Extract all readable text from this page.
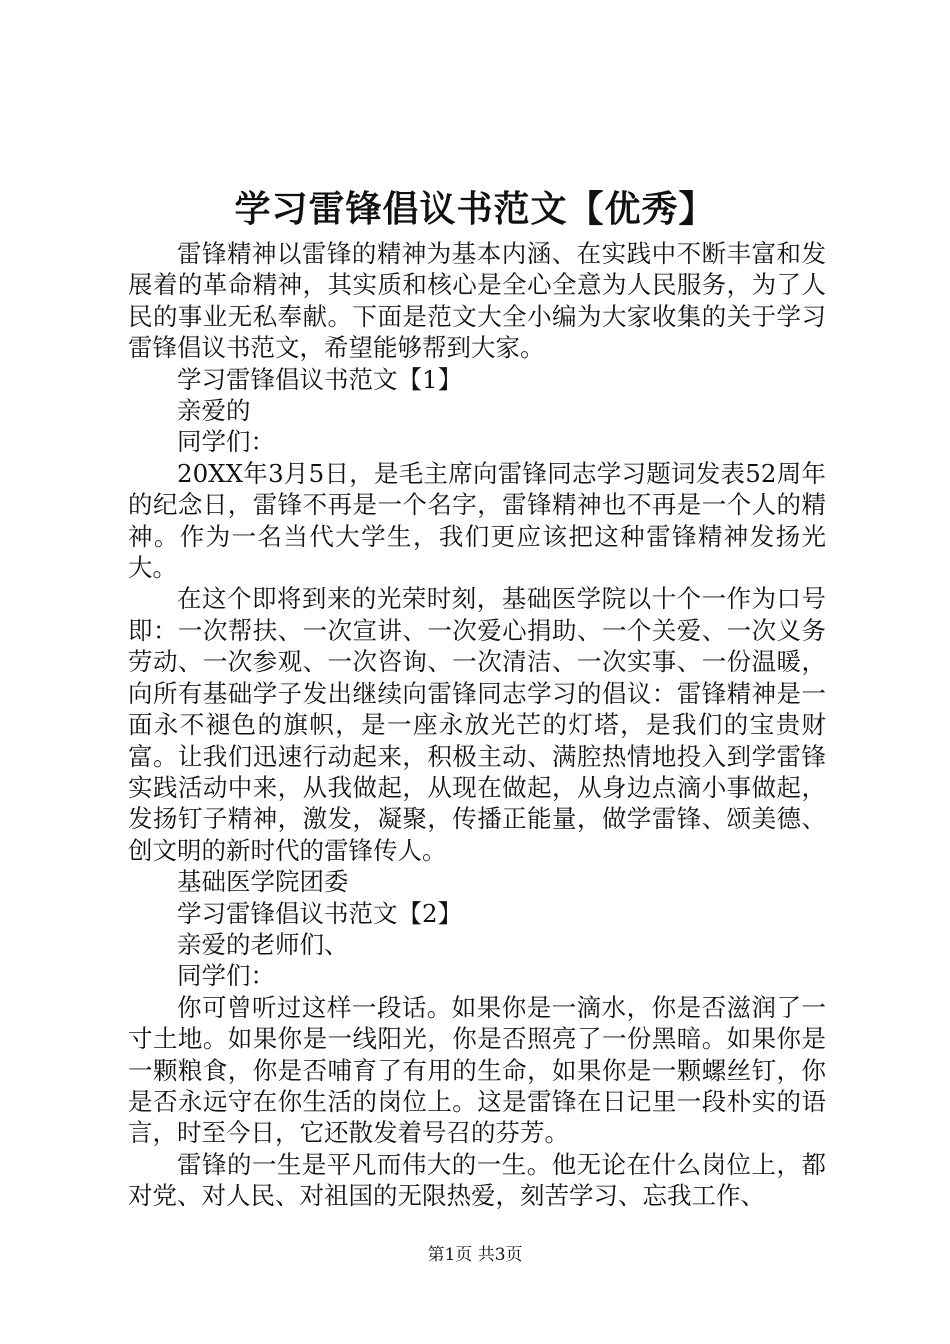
学习雷锋倡议书范文【优秀】

雷锋精神以雷锋的精神为基本内涵、在实践中不断丰富和发展着的革命精神，其实质和核心是全心全意为人民服务，为了人民的事业无私奉献。下面是范文大全小编为大家收集的关于学习雷锋倡议书范文，希望能够帮到大家。

学习雷锋倡议书范文【1】

亲爱的

同学们：

20XX年3月5日，是毛主席向雷锋同志学习题词发表52周年的纪念日，雷锋不再是一个名字，雷锋精神也不再是一个人的精神。作为一名当代大学生，我们更应该把这种雷锋精神发扬光大。

在这个即将到来的光荣时刻，基础医学院以十个一作为口号即：一次帮扶、一次宣讲、一次爱心捐助、一个关爱、一次义务劳动、一次参观、一次咨询、一次清洁、一次实事、一份温暖，向所有基础学子发出继续向雷锋同志学习的倡议：雷锋精神是一面永不褪色的旗帜，是一座永放光芒的灯塔，是我们的宝贵财富。让我们迅速行动起来，积极主动、满腔热情地投入到学雷锋实践活动中来，从我做起，从现在做起，从身边点滴小事做起，发扬钉子精神，激发，凝聚，传播正能量，做学雷锋、颂美德、创文明的新时代的雷锋传人。

基础医学院团委

学习雷锋倡议书范文【2】

亲爱的老师们、

同学们：

你可曾听过这样一段话。如果你是一滴水，你是否滋润了一寸土地。如果你是一线阳光，你是否照亮了一份黑暗。如果你是一颗粮食，你是否哺育了有用的生命，如果你是一颗螺丝钉，你是否永远守在你生活的岗位上。这是雷锋在日记里一段朴实的语言，时至今日，它还散发着号召的芬芳。

雷锋的一生是平凡而伟大的一生。他无论在什么岗位上，都对党、对人民、对祖国的无限热爱，刻苦学习、忘我工作、

第1页 共3页
